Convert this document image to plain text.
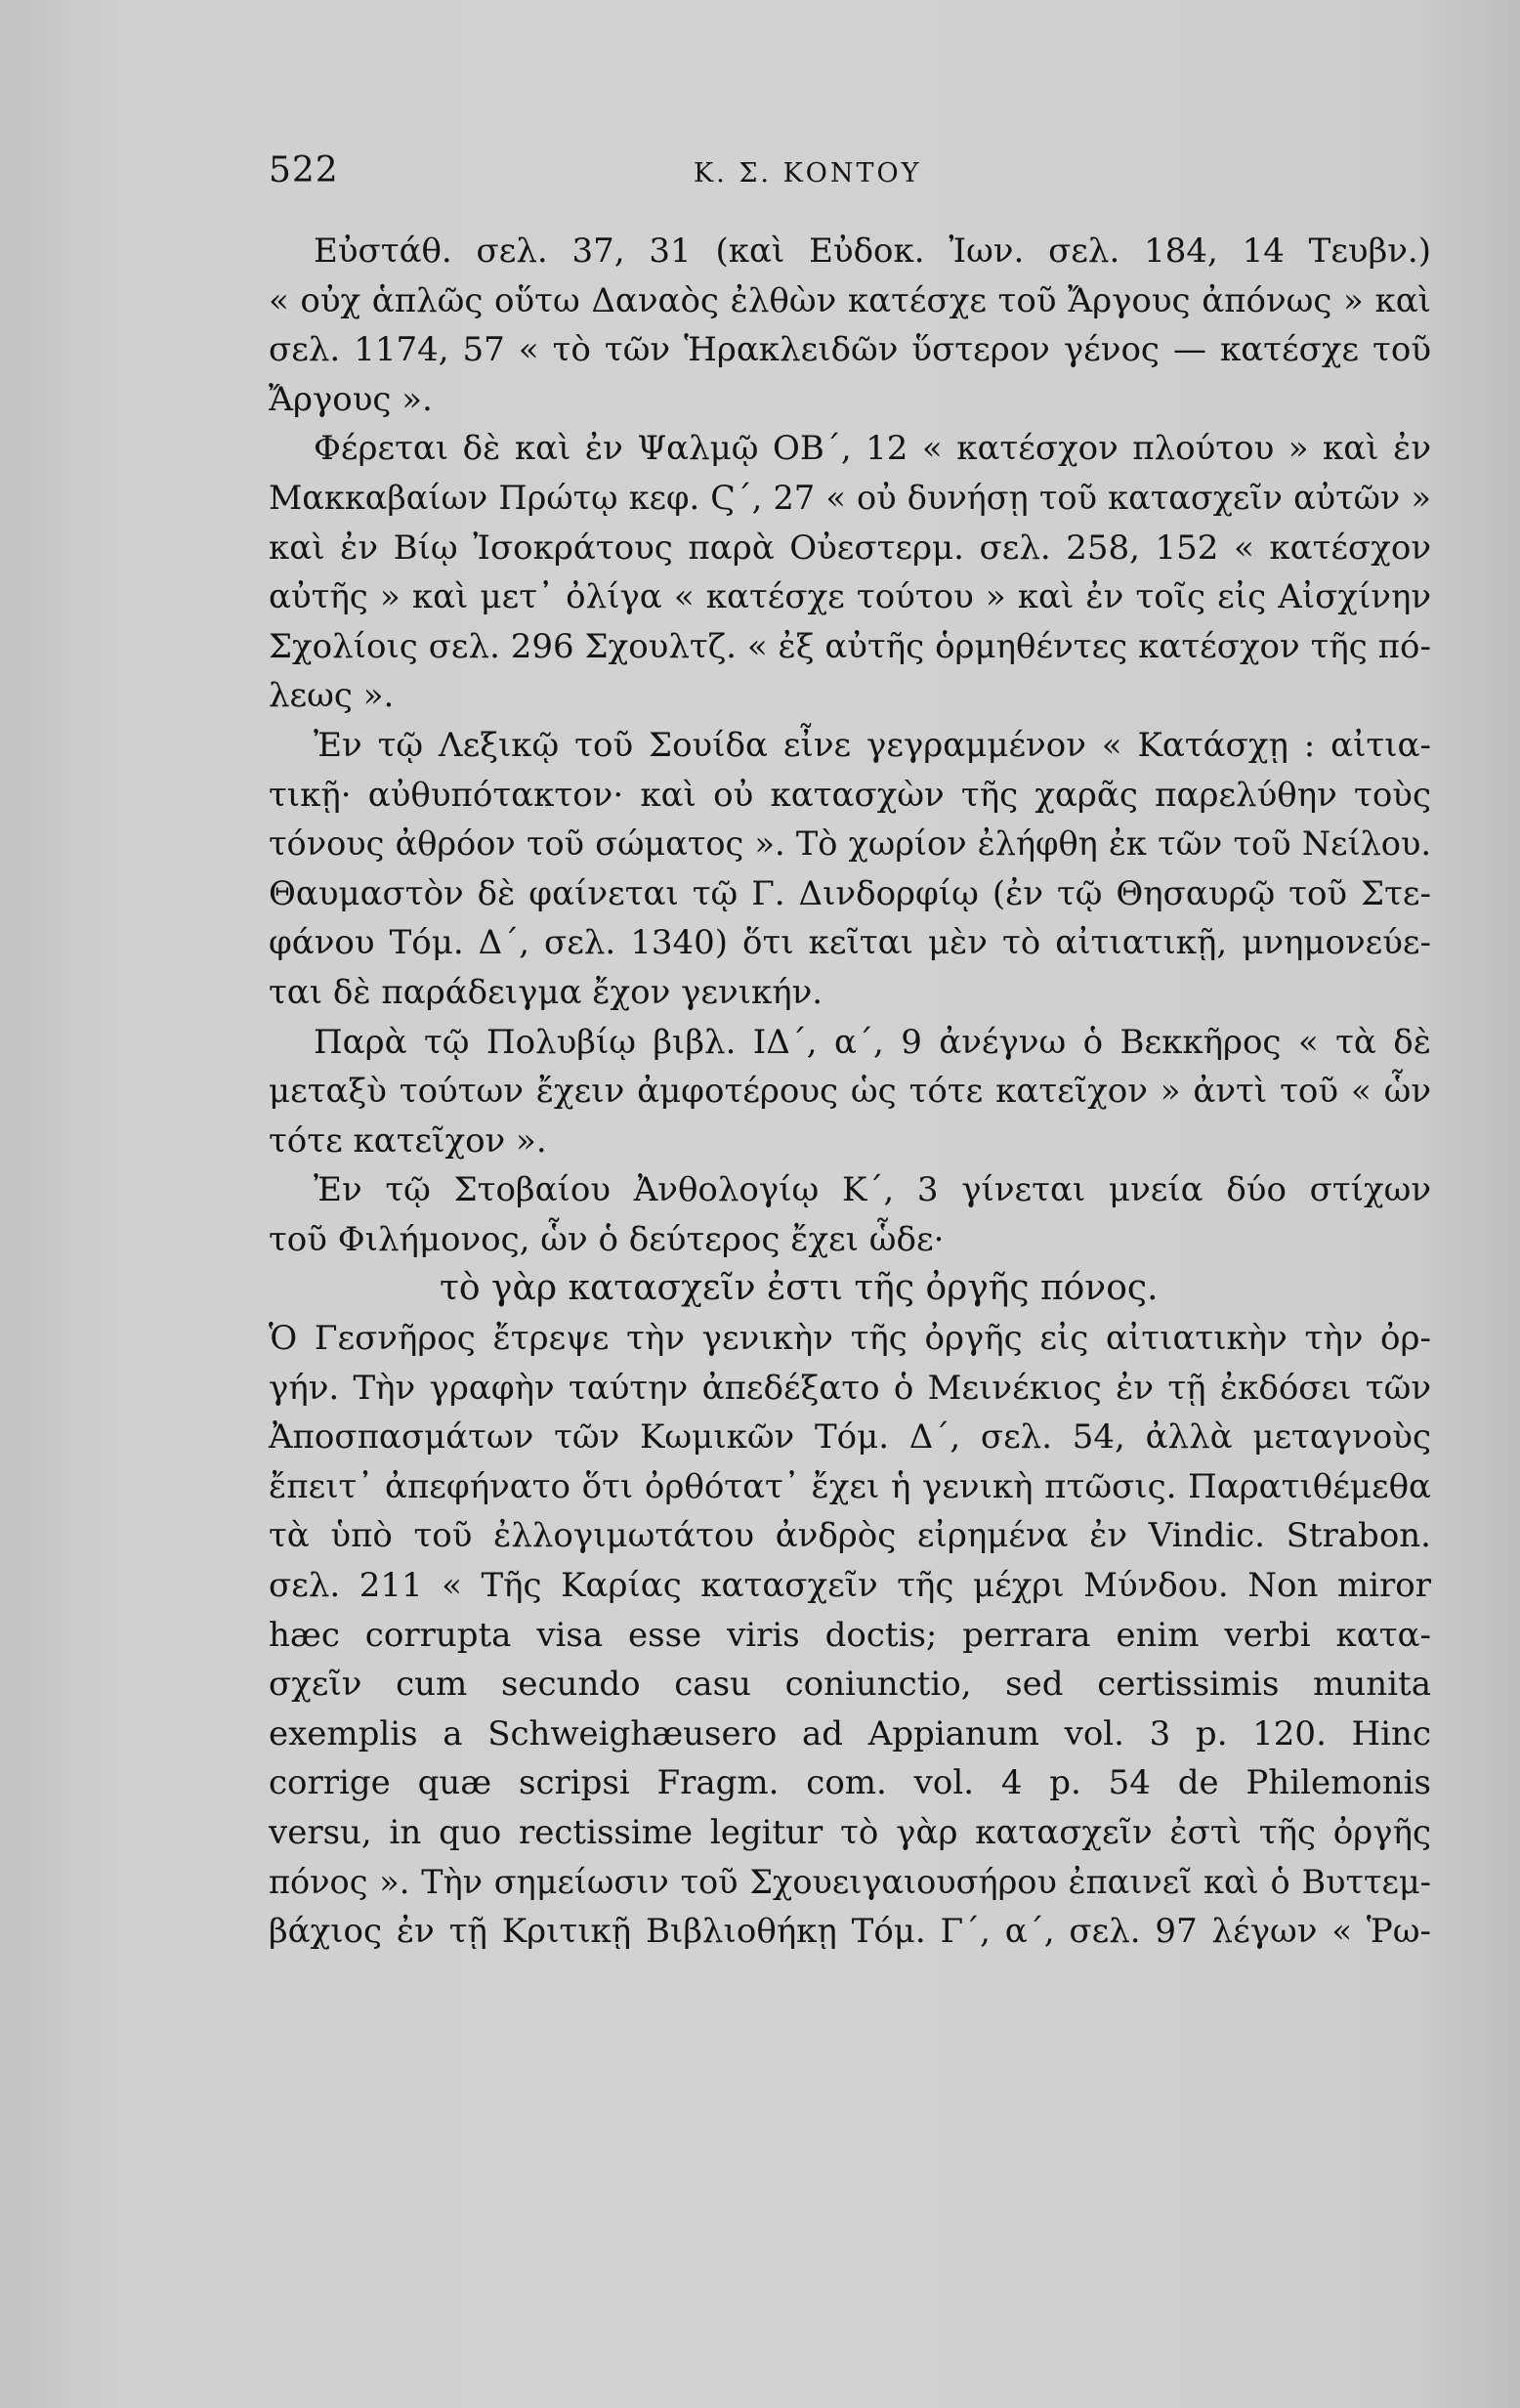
522	Κ. Σ. ΚΟΝΤΟΥ
Εὐστάθ. σελ. 37, 31 (καὶ Εὐδοκ. Ἰων. σελ. 184, 14 Τευβν.)
« οὐχ ἁπλῶς οὕτω Δαναὸς ἐλθὼν κατέσχε τοῦ Ἄργους ἀπόνως » καὶ
σελ. 1174, 57 « τὸ τῶν Ἡρακλειδῶν ὕστερον γένος — κατέσχε τοῦ
Ἄργους ».
Φέρεται δὲ καὶ ἐν Ψαλμῷ ΟΒ΄, 12 « κατέσχον πλούτου » καὶ ἐν
Μακκαβαίων Πρώτῳ κεφ. Ϛ΄, 27 « οὐ δυνήσῃ τοῦ κατασχεῖν αὐτῶν »
καὶ ἐν Βίῳ Ἰσοκράτους παρὰ Οὐεστερμ. σελ. 258, 152 « κατέσχον
αὐτῆς » καὶ μετ᾽ ὀλίγα « κατέσχε τούτου » καὶ ἐν τοῖς εἰς Αἰσχίνην
Σχολίοις σελ. 296 Σχουλτζ. « ἐξ αὐτῆς ὁρμηθέντες κατέσχον τῆς πό-
λεως ».
Ἐν τῷ Λεξικῷ τοῦ Σουίδα εἶνε γεγραμμένον « Κατάσχῃ : αἰτια-
τικῇ· αὐθυπότακτον· καὶ οὐ κατασχὼν τῆς χαρᾶς παρελύθην τοὺς
τόνους ἀθρόον τοῦ σώματος ». Τὸ χωρίον ἐλήφθη ἐκ τῶν τοῦ Νείλου.
Θαυμαστὸν δὲ φαίνεται τῷ Γ. Δινδορφίῳ (ἐν τῷ Θησαυρῷ τοῦ Στε-
φάνου Τόμ. Δ΄, σελ. 1340) ὅτι κεῖται μὲν τὸ αἰτιατικῇ, μνημονεύε-
ται δὲ παράδειγμα ἔχον γενικήν.
Παρὰ τῷ Πολυβίῳ βιβλ. ΙΔ΄, α΄, 9 ἀνέγνω ὁ Βεκκῆρος « τὰ δὲ
μεταξὺ τούτων ἔχειν ἀμφοτέρους ὡς τότε κατεῖχον » ἀντὶ τοῦ « ὧν
τότε κατεῖχον ».
Ἐν τῷ Στοβαίου Ἀνθολογίῳ Κ΄, 3 γίνεται μνεία δύο στίχων
τοῦ Φιλήμονος, ὧν ὁ δεύτερος ἔχει ὧδε·
τὸ γὰρ κατασχεῖν ἐστι τῆς ὀργῆς πόνος.
Ὁ Γεσνῆρος ἔτρεψε τὴν γενικὴν τῆς ὀργῆς εἰς αἰτιατικὴν τὴν ὀρ-
γήν. Τὴν γραφὴν ταύτην ἀπεδέξατο ὁ Μεινέκιος ἐν τῇ ἐκδόσει τῶν
Ἀποσπασμάτων τῶν Κωμικῶν Τόμ. Δ΄, σελ. 54, ἀλλὰ μεταγνοὺς
ἔπειτ᾽ ἀπεφήνατο ὅτι ὀρθότατ᾽ ἔχει ἡ γενικὴ πτῶσις. Παρατιθέμεθα
τὰ ὑπὸ τοῦ ἐλλογιμωτάτου ἀνδρὸς εἰρημένα ἐν Vindic. Strabon.
σελ. 211 « Τῆς Καρίας κατασχεῖν τῆς μέχρι Μύνδου. Non miror
hæc corrupta visa esse viris doctis; perrara enim verbi κατα-
σχεῖν cum secundo casu coniunctio, sed certissimis munita
exemplis a Schweighæusero ad Appianum vol. 3 p. 120. Hinc
corrige quæ scripsi Fragm. com. vol. 4 p. 54 de Philemonis
versu, in quo rectissime legitur τὸ γὰρ κατασχεῖν ἐστὶ τῆς ὀργῆς
πόνος ». Τὴν σημείωσιν τοῦ Σχουειγαιουσήρου ἐπαινεῖ καὶ ὁ Βυττεμ-
βάχιος ἐν τῇ Κριτικῇ Βιβλιοθήκῃ Τόμ. Γ΄, α΄, σελ. 97 λέγων « Ῥω-
